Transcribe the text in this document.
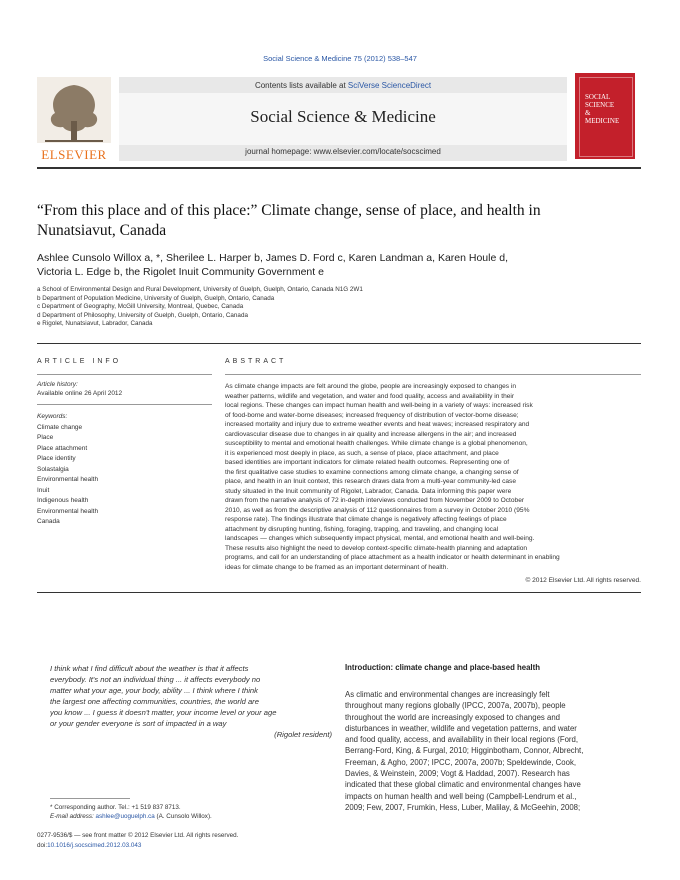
Social Science & Medicine 75 (2012) 538–547
ELSEVIER
Contents lists available at SciVerse ScienceDirect
Social Science & Medicine
journal homepage: www.elsevier.com/locate/socscimed
SOCIAL
SCIENCE
&
MEDICINE
“From this place and of this place:” Climate change, sense of place, and health in
Nunatsiavut, Canada
Ashlee Cunsolo Willox a, *, Sherilee L. Harper b, James D. Ford c, Karen Landman a, Karen Houle d,
Victoria L. Edge b, the Rigolet Inuit Community Government e
a School of Environmental Design and Rural Development, University of Guelph, Guelph, Ontario, Canada N1G 2W1
b Department of Population Medicine, University of Guelph, Guelph, Ontario, Canada
c Department of Geography, McGill University, Montreal, Quebec, Canada
d Department of Philosophy, University of Guelph, Guelph, Ontario, Canada
e Rigolet, Nunatsiavut, Labrador, Canada
ARTICLE INFO
Article history:
Available online 26 April 2012
Keywords:
Climate change
Place
Place attachment
Place identity
Solastalgia
Environmental health
Inuit
Indigenous health
Environmental health
Canada
ABSTRACT
As climate change impacts are felt around the globe, people are increasingly exposed to changes in
weather patterns, wildlife and vegetation, and water and food quality, access and availability in their
local regions. These changes can impact human health and well-being in a variety of ways: increased risk
of food-borne and water-borne diseases; increased frequency of distribution of vector-borne disease;
increased mortality and injury due to extreme weather events and heat waves; increased respiratory and
cardiovascular disease due to changes in air quality and increase allergens in the air; and increased
susceptibility to mental and emotional health challenges. While climate change is a global phenomenon,
it is experienced most deeply in place, as such, a sense of place, place attachment, and place
based identities are important indicators for climate related health outcomes. Representing one of
the first qualitative case studies to examine connections among climate change, a changing sense of
place, and health in an Inuit context, this research draws data from a multi-year community-led case
study situated in the Inuit community of Rigolet, Labrador, Canada. Data informing this paper were
drawn from the narrative analysis of 72 in-depth interviews conducted from November 2009 to October
2010, as well as from the descriptive analysis of 112 questionnaires from a survey in October 2010 (95%
response rate). The findings illustrate that climate change is negatively affecting feelings of place
attachment by disrupting hunting, fishing, foraging, trapping, and traveling, and changing local
landscapes — changes which subsequently impact physical, mental, and emotional health and well-being.
These results also highlight the need to develop context-specific climate-health planning and adaptation
programs, and call for an understanding of place attachment as a health indicator or health determinant in enabling
ideas for climate change to be framed as an important determinant of health.
© 2012 Elsevier Ltd. All rights reserved.
I think what I find difficult about the weather is that it affects
everybody. It's not an individual thing ... it affects everybody no
matter what your age, your body, ability ... I think where I think
the largest one affecting communities, countries, the world are
you know ... I guess it doesn't matter, your income level or your age
or your gender everyone is sort of impacted in a way
(Rigolet resident)
Introduction: climate change and place-based health
As climatic and environmental changes are increasingly felt
throughout many regions globally (IPCC, 2007a, 2007b), people
throughout the world are increasingly exposed to changes and
disturbances in weather, wildlife and vegetation patterns, and water
and food quality, access, and availability in their local regions (Ford,
Berrang-Ford, King, & Furgal, 2010; Higginbotham, Connor, Albrecht,
Freeman, & Agho, 2007; IPCC, 2007a, 2007b; Speldewinde, Cook,
Davies, & Weinstein, 2009; Vogt & Haddad, 2007). Research has
indicated that these global climatic and environmental changes have
impacts on human health and well being (Campbell-Lendrum et al.,
2009; Few, 2007, Frumkin, Hess, Luber, Malilay, & McGeehin, 2008;
* Corresponding author. Tel.: +1 519 837 8713.
E-mail address: ashlee@uoguelph.ca (A. Cunsolo Willox).
0277-9536/$ — see front matter © 2012 Elsevier Ltd. All rights reserved.
doi:10.1016/j.socscimed.2012.03.043
